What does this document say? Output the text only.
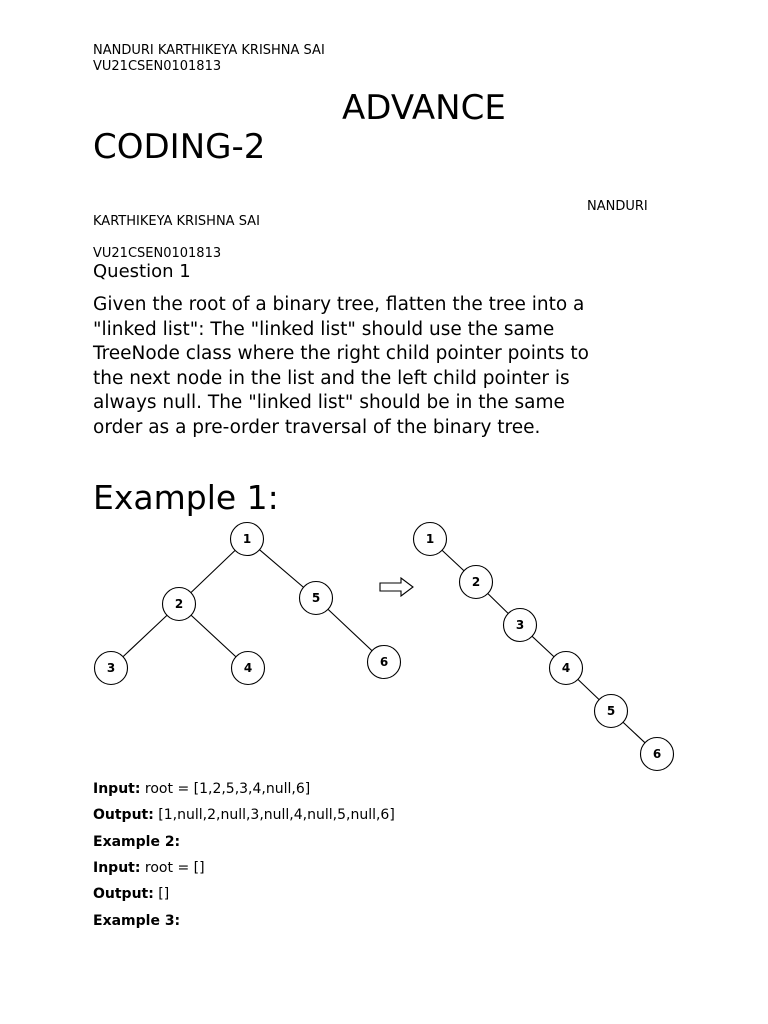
NANDURI KARTHIKEYA KRISHNA SAI
VU21CSEN0101813
ADVANCE
CODING-2
NANDURI
KARTHIKEYA KRISHNA SAI
VU21CSEN0101813
Question 1
Given the root of a binary tree, flatten the tree into a
"linked list": The "linked list" should use the same
TreeNode class where the right child pointer points to
the next node in the list and the left child pointer is
always null. The "linked list" should be in the same
order as a pre-order traversal of the binary tree.
Example 1:
1
2	5
3	4	6
1
2
3
4
5
6
Input: root = [1,2,5,3,4,null,6]
Output: [1,null,2,null,3,null,4,null,5,null,6]
Example 2:
Input: root = []
Output: []
Example 3:
